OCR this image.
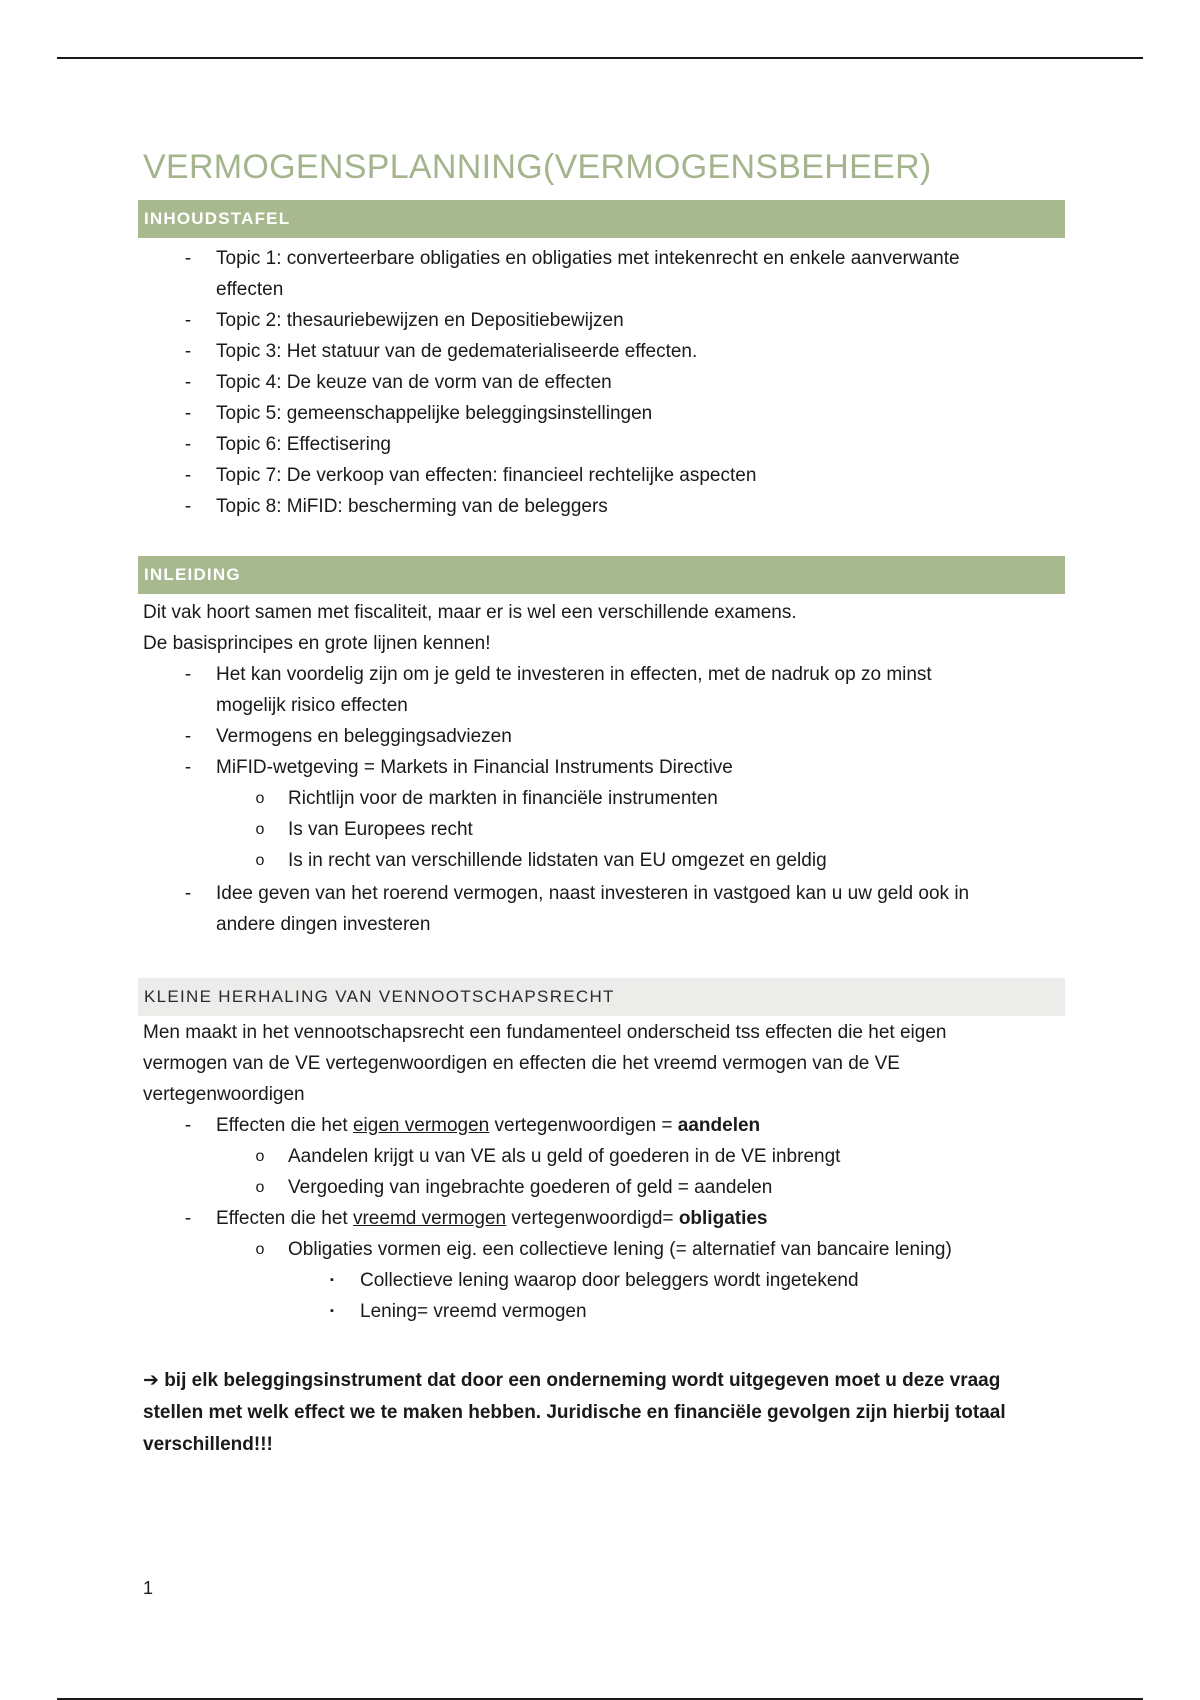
VERMOGENSPLANNING(VERMOGENSBEHEER)
INHOUDSTAFEL
- Topic 1: converteerbare obligaties en obligaties met intekenrecht en enkele aanverwante
effecten
- Topic 2: thesauriebewijzen en Depositiebewijzen
- Topic 3: Het statuur van de gedematerialiseerde effecten.
- Topic 4: De keuze van de vorm van de effecten
- Topic 5: gemeenschappelijke beleggingsinstellingen
- Topic 6: Effectisering
- Topic 7: De verkoop van effecten: financieel rechtelijke aspecten
- Topic 8: MiFID: bescherming van de beleggers
INLEIDING
Dit vak hoort samen met fiscaliteit, maar er is wel een verschillende examens.
De basisprincipes en grote lijnen kennen!
- Het kan voordelig zijn om je geld te investeren in effecten, met de nadruk op zo minst
mogelijk risico effecten
- Vermogens en beleggingsadviezen
- MiFID-wetgeving = Markets in Financial Instruments Directive
o Richtlijn voor de markten in financiële instrumenten
o Is van Europees recht
o Is in recht van verschillende lidstaten van EU omgezet en geldig
- Idee geven van het roerend vermogen, naast investeren in vastgoed kan u uw geld ook in
andere dingen investeren
KLEINE HERHALING VAN VENNOOTSCHAPSRECHT
Men maakt in het vennootschapsrecht een fundamenteel onderscheid tss effecten die het eigen
vermogen van de VE vertegenwoordigen en effecten die het vreemd vermogen van de VE
vertegenwoordigen
- Effecten die het eigen vermogen vertegenwoordigen = aandelen
o Aandelen krijgt u van VE als u geld of goederen in de VE inbrengt
o Vergoeding van ingebrachte goederen of geld = aandelen
- Effecten die het vreemd vermogen vertegenwoordigd= obligaties
o Obligaties vormen eig. een collectieve lening (= alternatief van bancaire lening)
▪ Collectieve lening waarop door beleggers wordt ingetekend
▪ Lening= vreemd vermogen
➔ bij elk beleggingsinstrument dat door een onderneming wordt uitgegeven moet u deze vraag
stellen met welk effect we te maken hebben. Juridische en financiële gevolgen zijn hierbij totaal
verschillend!!!
1
